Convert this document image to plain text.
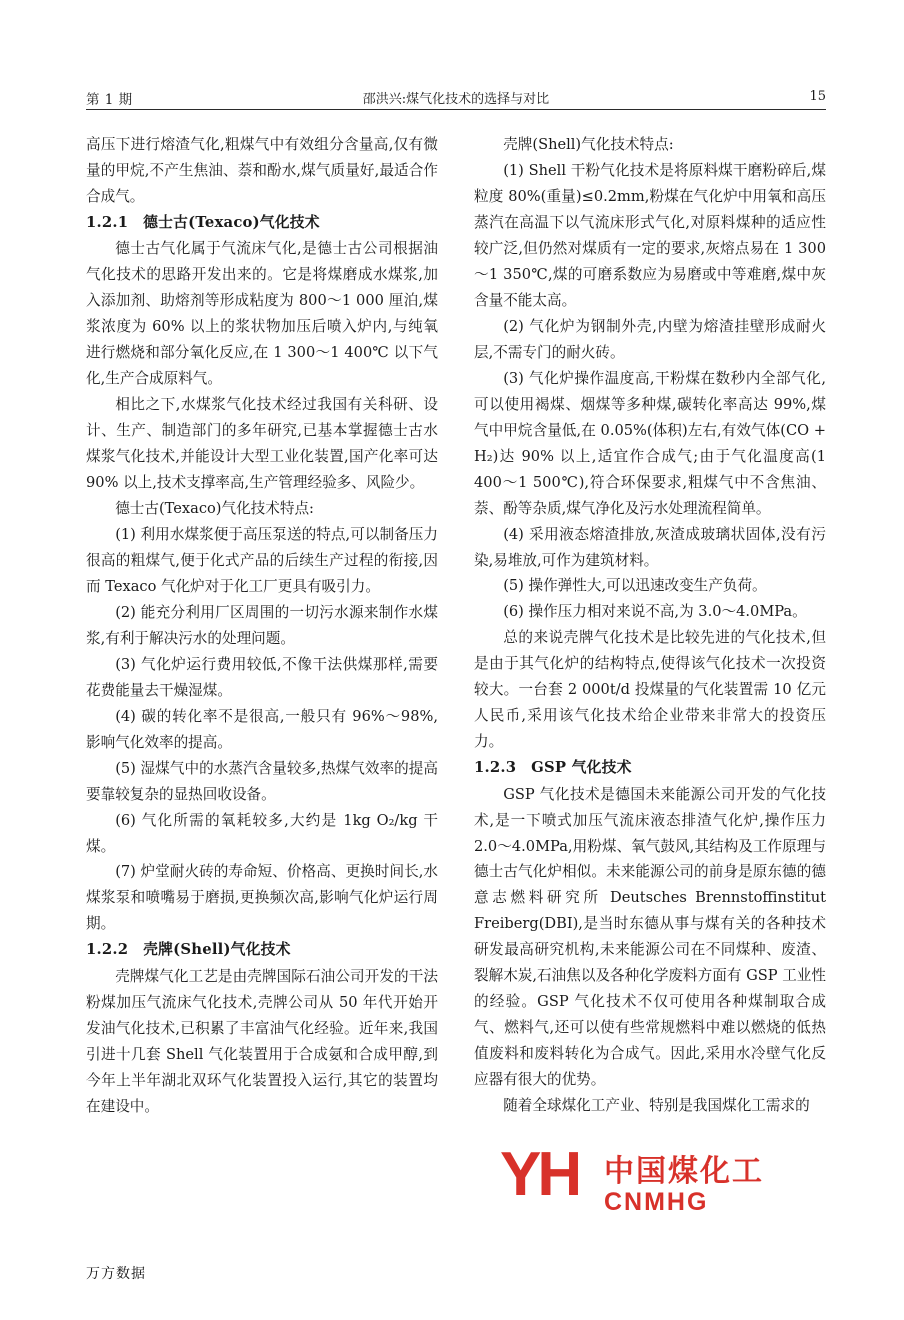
第 1 期	邵洪兴:煤气化技术的选择与对比	15

高压下进行熔渣气化,粗煤气中有效组分含量高,仅有微量的甲烷,不产生焦油、萘和酚水,煤气质量好,最适合作合成气。

1.2.1　德士古(Texaco)气化技术

德士古气化属于气流床气化,是德士古公司根据油气化技术的思路开发出来的。它是将煤磨成水煤浆,加入添加剂、助熔剂等形成粘度为 800～1 000 厘泊,煤浆浓度为 60% 以上的浆状物加压后喷入炉内,与纯氧进行燃烧和部分氧化反应,在 1 300～1 400℃ 以下气化,生产合成原料气。

相比之下,水煤浆气化技术经过我国有关科研、设计、生产、制造部门的多年研究,已基本掌握德士古水煤浆气化技术,并能设计大型工业化装置,国产化率可达 90% 以上,技术支撑率高,生产管理经验多、风险少。

德士古(Texaco)气化技术特点:

(1) 利用水煤浆便于高压泵送的特点,可以制备压力很高的粗煤气,便于化式产品的后续生产过程的衔接,因而 Texaco 气化炉对于化工厂更具有吸引力。

(2) 能充分利用厂区周围的一切污水源来制作水煤浆,有利于解决污水的处理问题。

(3) 气化炉运行费用较低,不像干法供煤那样,需要花费能量去干燥湿煤。

(4) 碳的转化率不是很高,一般只有 96%～98%,影响气化效率的提高。

(5) 湿煤气中的水蒸汽含量较多,热煤气效率的提高要靠较复杂的显热回收设备。

(6) 气化所需的氧耗较多,大约是 1kg O₂/kg 干煤。

(7) 炉堂耐火砖的寿命短、价格高、更换时间长,水煤浆泵和喷嘴易于磨损,更换频次高,影响气化炉运行周期。

1.2.2　壳牌(Shell)气化技术

壳牌煤气化工艺是由壳牌国际石油公司开发的干法粉煤加压气流床气化技术,壳牌公司从 50 年代开始开发油气化技术,已积累了丰富油气化经验。近年来,我国引进十几套 Shell 气化装置用于合成氨和合成甲醇,到今年上半年湖北双环气化装置投入运行,其它的装置均在建设中。

壳牌(Shell)气化技术特点:

(1) Shell 干粉气化技术是将原料煤干磨粉碎后,煤粒度 80%(重量)≤0.2mm,粉煤在气化炉中用氧和高压蒸汽在高温下以气流床形式气化,对原料煤种的适应性较广泛,但仍然对煤质有一定的要求,灰熔点易在 1 300～1 350℃,煤的可磨系数应为易磨或中等难磨,煤中灰含量不能太高。

(2) 气化炉为钢制外壳,内壁为熔渣挂壁形成耐火层,不需专门的耐火砖。

(3) 气化炉操作温度高,干粉煤在数秒内全部气化,可以使用褐煤、烟煤等多种煤,碳转化率高达 99%,煤气中甲烷含量低,在 0.05%(体积)左右,有效气体(CO + H₂)达 90% 以上,适宜作合成气;由于气化温度高(1 400～1 500℃),符合环保要求,粗煤气中不含焦油、萘、酚等杂质,煤气净化及污水处理流程简单。

(4) 采用液态熔渣排放,灰渣成玻璃状固体,没有污染,易堆放,可作为建筑材料。

(5) 操作弹性大,可以迅速改变生产负荷。

(6) 操作压力相对来说不高,为 3.0～4.0MPa。

总的来说壳牌气化技术是比较先进的气化技术,但是由于其气化炉的结构特点,使得该气化技术一次投资较大。一台套 2 000t/d 投煤量的气化装置需 10 亿元人民币,采用该气化技术给企业带来非常大的投资压力。

1.2.3　GSP 气化技术

GSP 气化技术是德国未来能源公司开发的气化技术,是一下喷式加压气流床液态排渣气化炉,操作压力 2.0～4.0MPa,用粉煤、氧气鼓风,其结构及工作原理与德士古气化炉相似。未来能源公司的前身是原东德的德意志燃料研究所 Deutsches Brennstoffinstitut Freiberg(DBI),是当时东德从事与煤有关的各种技术研发最高研究机构,未来能源公司在不同煤种、废渣、裂解木炭,石油焦以及各种化学废料方面有 GSP 工业性的经验。GSP 气化技术不仅可使用各种煤制取合成气、燃料气,还可以使有些常规燃料中难以燃烧的低热值废料和废料转化为合成气。因此,采用水冷壁气化反应器有很大的优势。

随着全球煤化工产业、特别是我国煤化工需求的

万方数据
YH 中国煤化工
CNMHG
